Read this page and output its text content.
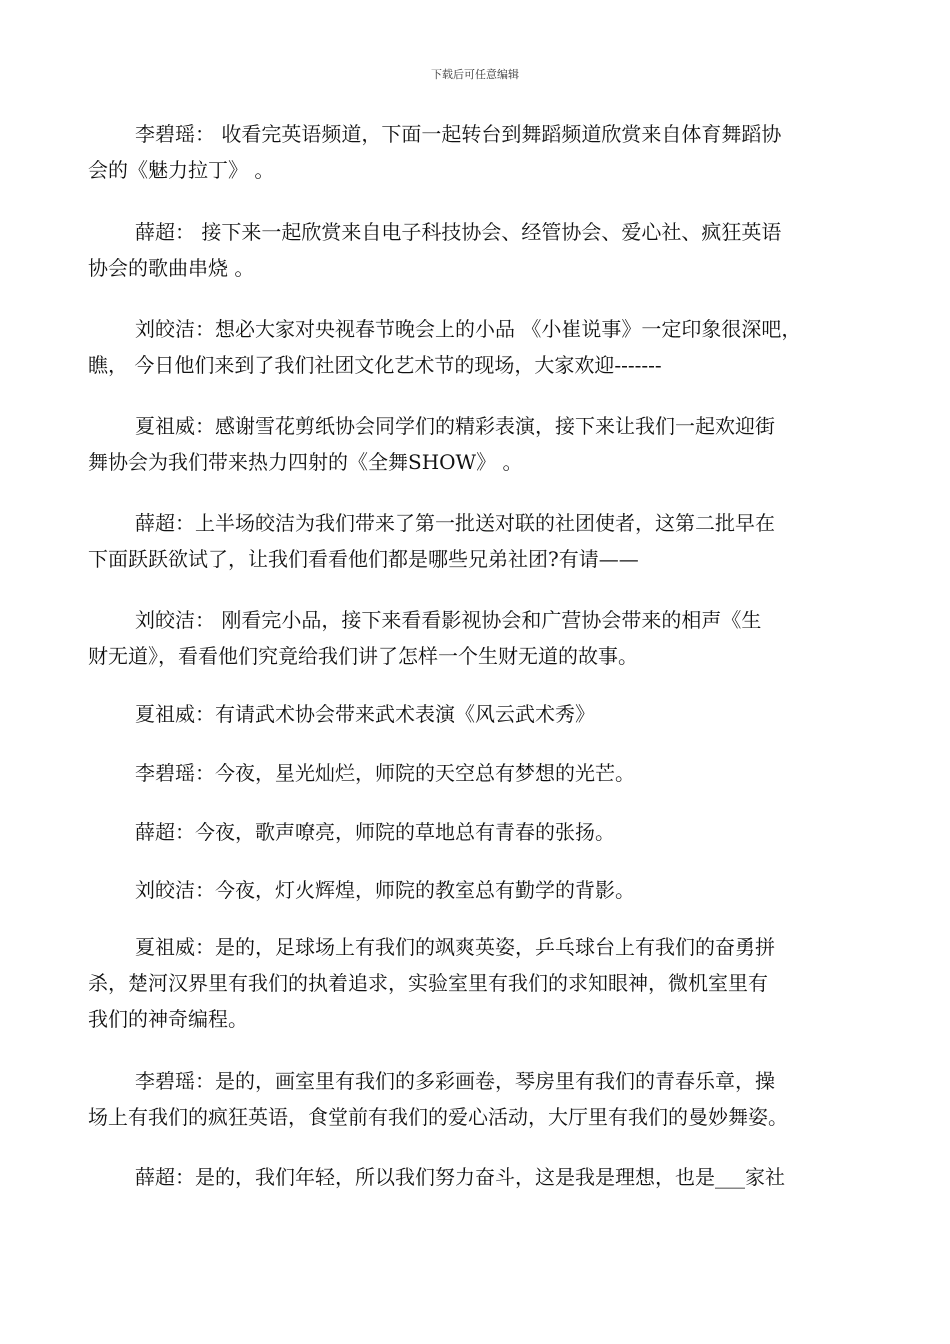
下载后可任意编辑

李碧瑶： 收看完英语频道，下面一起转台到舞蹈频道欣赏来自体育舞蹈协
会的《魅力拉丁》 。

薛超： 接下来一起欣赏来自电子科技协会、经管协会、爱心社、疯狂英语
协会的歌曲串烧 。

刘皎洁：想必大家对央视春节晚会上的小品 《小崔说事》一定印象很深吧，
瞧， 今日他们来到了我们社团文化艺术节的现场，大家欢迎-------

夏祖威：感谢雪花剪纸协会同学们的精彩表演，接下来让我们一起欢迎街
舞协会为我们带来热力四射的《全舞SHOW》 。

薛超：上半场皎洁为我们带来了第一批送对联的社团使者，这第二批早在
下面跃跃欲试了，让我们看看他们都是哪些兄弟社团?有请——

刘皎洁： 刚看完小品，接下来看看影视协会和广营协会带来的相声《生
财无道》，看看他们究竟给我们讲了怎样一个生财无道的故事。

夏祖威：有请武术协会带来武术表演《风云武术秀》

李碧瑶：今夜，星光灿烂，师院的天空总有梦想的光芒。

薛超：今夜，歌声嘹亮，师院的草地总有青春的张扬。

刘皎洁：今夜，灯火辉煌，师院的教室总有勤学的背影。

夏祖威：是的，足球场上有我们的飒爽英姿，乒乓球台上有我们的奋勇拼
杀，楚河汉界里有我们的执着追求，实验室里有我们的求知眼神，微机室里有
我们的神奇编程。

李碧瑶：是的，画室里有我们的多彩画卷，琴房里有我们的青春乐章，操
场上有我们的疯狂英语，食堂前有我们的爱心活动，大厅里有我们的曼妙舞姿。

薛超：是的，我们年轻，所以我们努力奋斗，这是我是理想，也是___家社
